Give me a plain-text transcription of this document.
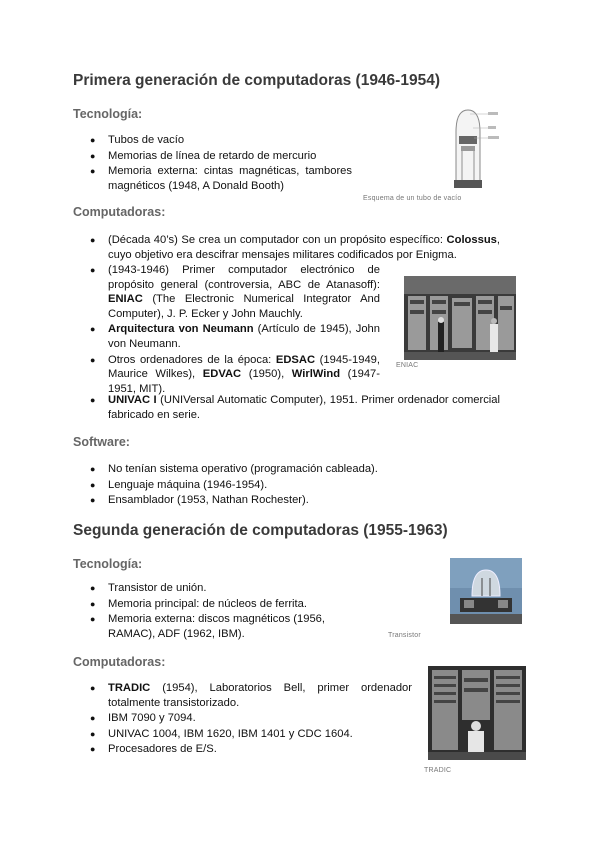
Primera generación de computadoras (1946-1954)
Tecnología:
● Tubos de vacío
● Memorias de línea de retardo de mercurio
● Memoria externa: cintas magnéticas, tambores magnéticos (1948, A Donald Booth)
Esquema de un tubo de vacío
Computadoras:
● (Década 40’s) Se crea un computador con un propósito específico: Colossus, cuyo objetivo era descifrar mensajes militares codificados por Enigma.
● (1943-1946) Primer computador electrónico de propósito general (controversia, ABC de Atanasoff): ENIAC (The Electronic Numerical Integrator And Computer), J. P. Ecker y John Mauchly.
● Arquitectura von Neumann (Artículo de 1945), John von Neumann.
● Otros ordenadores de la época: EDSAC (1945-1949, Maurice Wilkes), EDVAC (1950), WirlWind (1947-1951, MIT).
● UNIVAC I (UNIVersal Automatic Computer), 1951. Primer ordenador comercial fabricado en serie.
ENIAC
Software:
● No tenían sistema operativo (programación cableada).
● Lenguaje máquina (1946-1954).
● Ensamblador (1953, Nathan Rochester).
Segunda generación de computadoras (1955-1963)
Tecnología:
● Transistor de unión.
● Memoria principal: de núcleos de ferrita.
● Memoria externa: discos magnéticos (1956, RAMAC), ADF (1962, IBM).	Transistor
Computadoras:
● TRADIC (1954), Laboratorios Bell, primer ordenador totalmente transistorizado.
● IBM 7090 y 7094.
● UNIVAC 1004, IBM 1620, IBM 1401 y CDC 1604.
● Procesadores de E/S.
TRADIC
